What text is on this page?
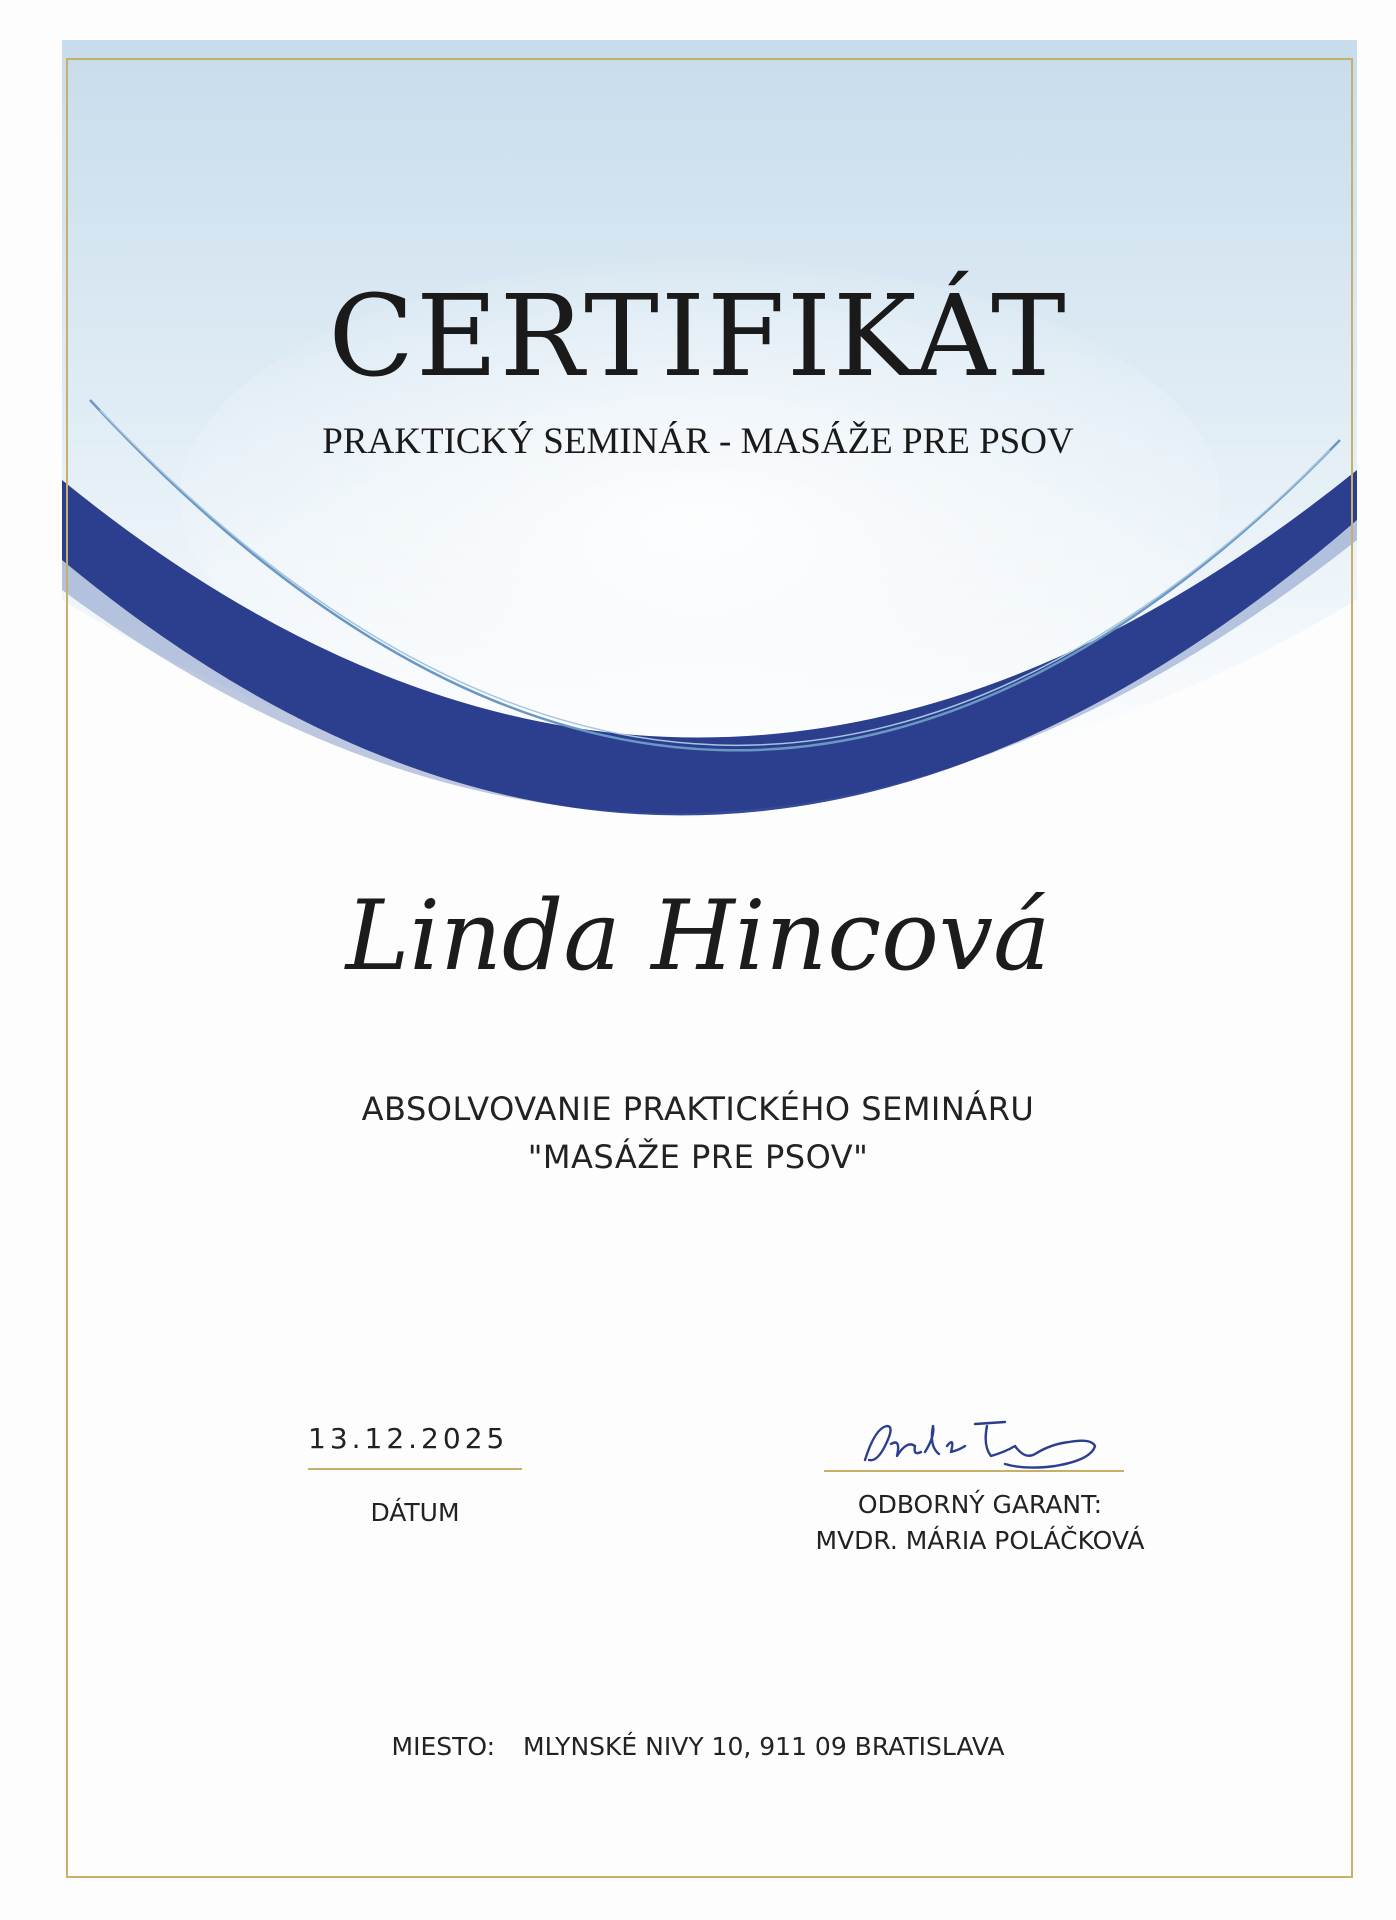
CERTIFIKÁT
PRAKTICKÝ SEMINÁR - MASÁŽE PRE PSOV
Linda Hincová
ABSOLVOVANIE PRAKTICKÉHO SEMINÁRU
"MASÁŽE PRE PSOV"
13.12.2025
DÁTUM	ODBORNÝ GARANT:
MVDR. MÁRIA POLÁČKOVÁ
MIESTO: MLYNSKÉ NIVY 10, 911 09 BRATISLAVA
